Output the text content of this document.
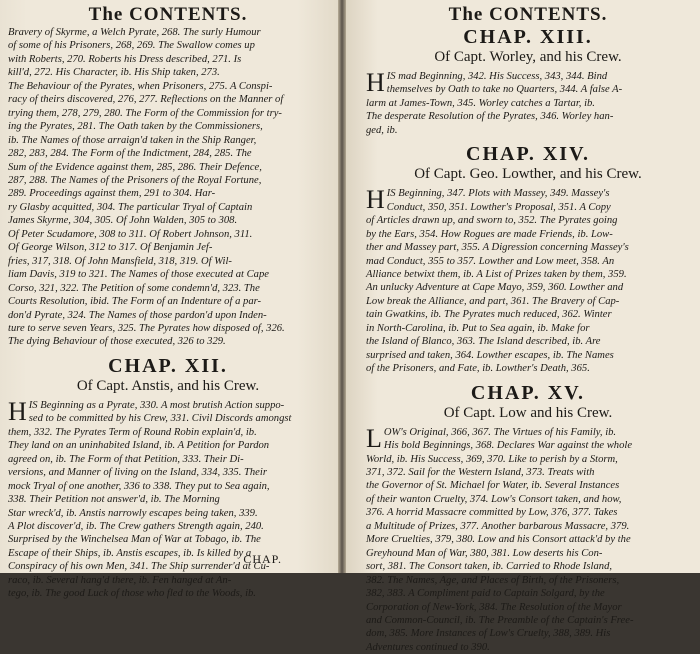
The CONTENTS.
Bravery of Skyrme, a Welch Pyrate, 268. The surly Humour
of some of his Prisoners, 268, 269. The Swallow comes up
with Roberts, 270. Roberts his Dress described, 271. Is
kill'd, 272. His Character, ib. His Ship taken, 273.
The Behaviour of the Pyrates, when Prisoners, 275. A Conspi-
racy of theirs discovered, 276, 277. Reflections on the Manner of
trying them, 278, 279, 280. The Form of the Commission for try-
ing the Pyrates, 281. The Oath taken by the Commissioners,
ib. The Names of those arraign'd taken in the Ship Ranger,
282, 283, 284. The Form of the Indictment, 284, 285. The
Sum of the Evidence against them, 285, 286. Their Defence,
287, 288. The Names of the Prisoners of the Royal Fortune,
289. Proceedings against them, 291 to 304. Har-
ry Glasby acquitted, 304. The particular Tryal of Captain
James Skyrme, 304, 305. Of John Walden, 305 to 308.
Of Peter Scudamore, 308 to 311. Of Robert Johnson, 311.
Of George Wilson, 312 to 317. Of Benjamin Jef-
fries, 317, 318. Of John Mansfield, 318, 319. Of Wil-
liam Davis, 319 to 321. The Names of those executed at Cape
Corso, 321, 322. The Petition of some condemn'd, 323. The
Courts Resolution, ibid. The Form of an Indenture of a par-
don'd Pyrate, 324. The Names of those pardon'd upon Inden-
ture to serve seven Years, 325. The Pyrates how disposed of, 326.
The dying Behaviour of those executed, 326 to 329.
CHAP. XII.
Of Capt. Anstis, and his Crew.
H IS Beginning as a Pyrate, 330. A most brutish Action suppo-
sed to be committed by his Crew, 331. Civil Discords amongst
them, 332. The Pyrates Term of Round Robin explain'd, ib.
They land on an uninhabited Island, ib. A Petition for Pardon
agreed on, ib. The Form of that Petition, 333. Their Di-
versions, and Manner of living on the Island, 334, 335. Their
mock Tryal of one another, 336 to 338. They put to Sea again,
338. Their Petition not answer'd, ib. The Morning
Star wreck'd, ib. Anstis narrowly escapes being taken, 339.
A Plot discover'd, ib. The Crew gathers Strength again, 240.
Surprised by the Winchelsea Man of War at Tobago, ib. The
Escape of their Ships, ib. Anstis escapes, ib. Is killed by a
Conspiracy of his own Men, 341. The Ship surrender'd at Cu-
raco, ib. Several hang'd there, ib. Fen hanged at An-
tego, ib. The good Luck of those who fled to the Woods, ib.
CHAP.
The CONTENTS.
CHAP. XIII.
Of Capt. Worley, and his Crew.
H IS mad Beginning, 342. His Success, 343, 344. Bind
themselves by Oath to take no Quarters, 344. A false A-
larm at James-Town, 345. Worley catches a Tartar, ib.
The desperate Resolution of the Pyrates, 346. Worley han-
ged, ib.
CHAP. XIV.
Of Capt. Geo. Lowther, and his Crew.
H IS Beginning, 347. Plots with Massey, 349. Massey's
Conduct, 350, 351. Lowther's Proposal, 351. A Copy
of Articles drawn up, and sworn to, 352. The Pyrates going
by the Ears, 354. How Rogues are made Friends, ib. Low-
ther and Massey part, 355. A Digression concerning Massey's
mad Conduct, 355 to 357. Lowther and Low meet, 358. An
Alliance betwixt them, ib. A List of Prizes taken by them, 359.
An unlucky Adventure at Cape Mayo, 359, 360. Lowther and
Low break the Alliance, and part, 361. The Bravery of Cap-
tain Gwatkins, ib. The Pyrates much reduced, 362. Winter
in North-Carolina, ib. Put to Sea again, ib. Make for
the Island of Blanco, 363. The Island described, ib. Are
surprised and taken, 364. Lowther escapes, ib. The Names
of the Prisoners, and Fate, ib. Lowther's Death, 365.
CHAP. XV.
Of Capt. Low and his Crew.
L OW's Original, 366, 367. The Virtues of his Family, ib.
His bold Beginnings, 368. Declares War against the whole
World, ib. His Success, 369, 370. Like to perish by a Storm,
371, 372. Sail for the Western Island, 373. Treats with
the Governor of St. Michael for Water, ib. Several Instances
of their wanton Cruelty, 374. Low's Consort taken, and how,
376. A horrid Massacre committed by Low, 376, 377. Takes
a Multitude of Prizes, 377. Another barbarous Massacre, 379.
More Cruelties, 379, 380. Low and his Consort attack'd by the
Greyhound Man of War, 380, 381. Low deserts his Con-
sort, 381. The Consort taken, ib. Carried to Rhode Island,
382. The Names, Age, and Places of Birth, of the Prisoners,
382, 383. A Compliment paid to Captain Solgard, by the
Corporation of New-York, 384. The Resolution of the Mayor
and Common-Council, ib. The Preamble of the Captain's Free-
dom, 385. More Instances of Low's Cruelty, 388, 389. His
Adventures continued to 390.
